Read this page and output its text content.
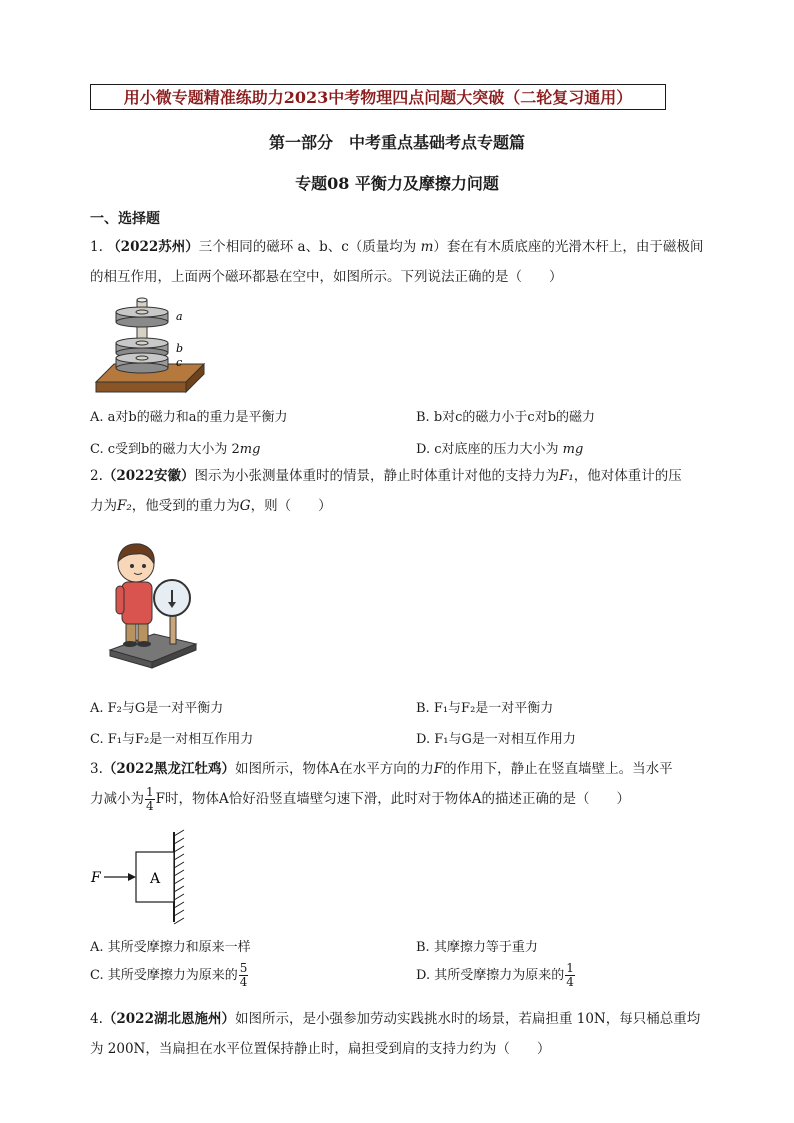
用小微专题精准练助力2023中考物理四点问题大突破（二轮复习通用）
第一部分　中考重点基础考点专题篇
专题08 平衡力及摩擦力问题
一、选择题
1. （2022苏州）三个相同的磁环 a、b、c（质量均为 m）套在有木质底座的光滑木杆上，由于磁极间
的相互作用，上面两个磁环都悬在空中，如图所示。下列说法正确的是（　　）
a
b
c
A. a对b的磁力和a的重力是平衡力	B. b对c的磁力小于c对b的磁力
C. c受到b的磁力大小为 2mg	D. c对底座的压力大小为 mg
2.（2022安徽）图示为小张测量体重时的情景，静止时体重计对他的支持力为F₁，他对体重计的压
力为F₂，他受到的重力为G，则（　　）
A. F₂与G是一对平衡力	B. F₁与F₂是一对平衡力
C. F₁与F₂是一对相互作用力	D. F₁与G是一对相互作用力
3.（2022黑龙江牡鸡）如图所示，物体A在水平方向的力F的作用下，静止在竖直墙壁上。当水平
力减小为 $\frac{1}{4}$ F时，物体A恰好沿竖直墙壁匀速下滑，此时对于物体A的描述正确的是（　　）
A
F
A. 其所受摩擦力和原来一样	B. 其摩擦力等于重力
C. 其所受摩擦力为原来的 $\frac{5}{4}$	D. 其所受摩擦力为原来的 $\frac{1}{4}$
4.（2022湖北恩施州）如图所示，是小强参加劳动实践挑水时的场景，若扁担重 10N，每只桶总重均
为 200N，当扁担在水平位置保持静止时，扁担受到肩的支持力约为（　　）
